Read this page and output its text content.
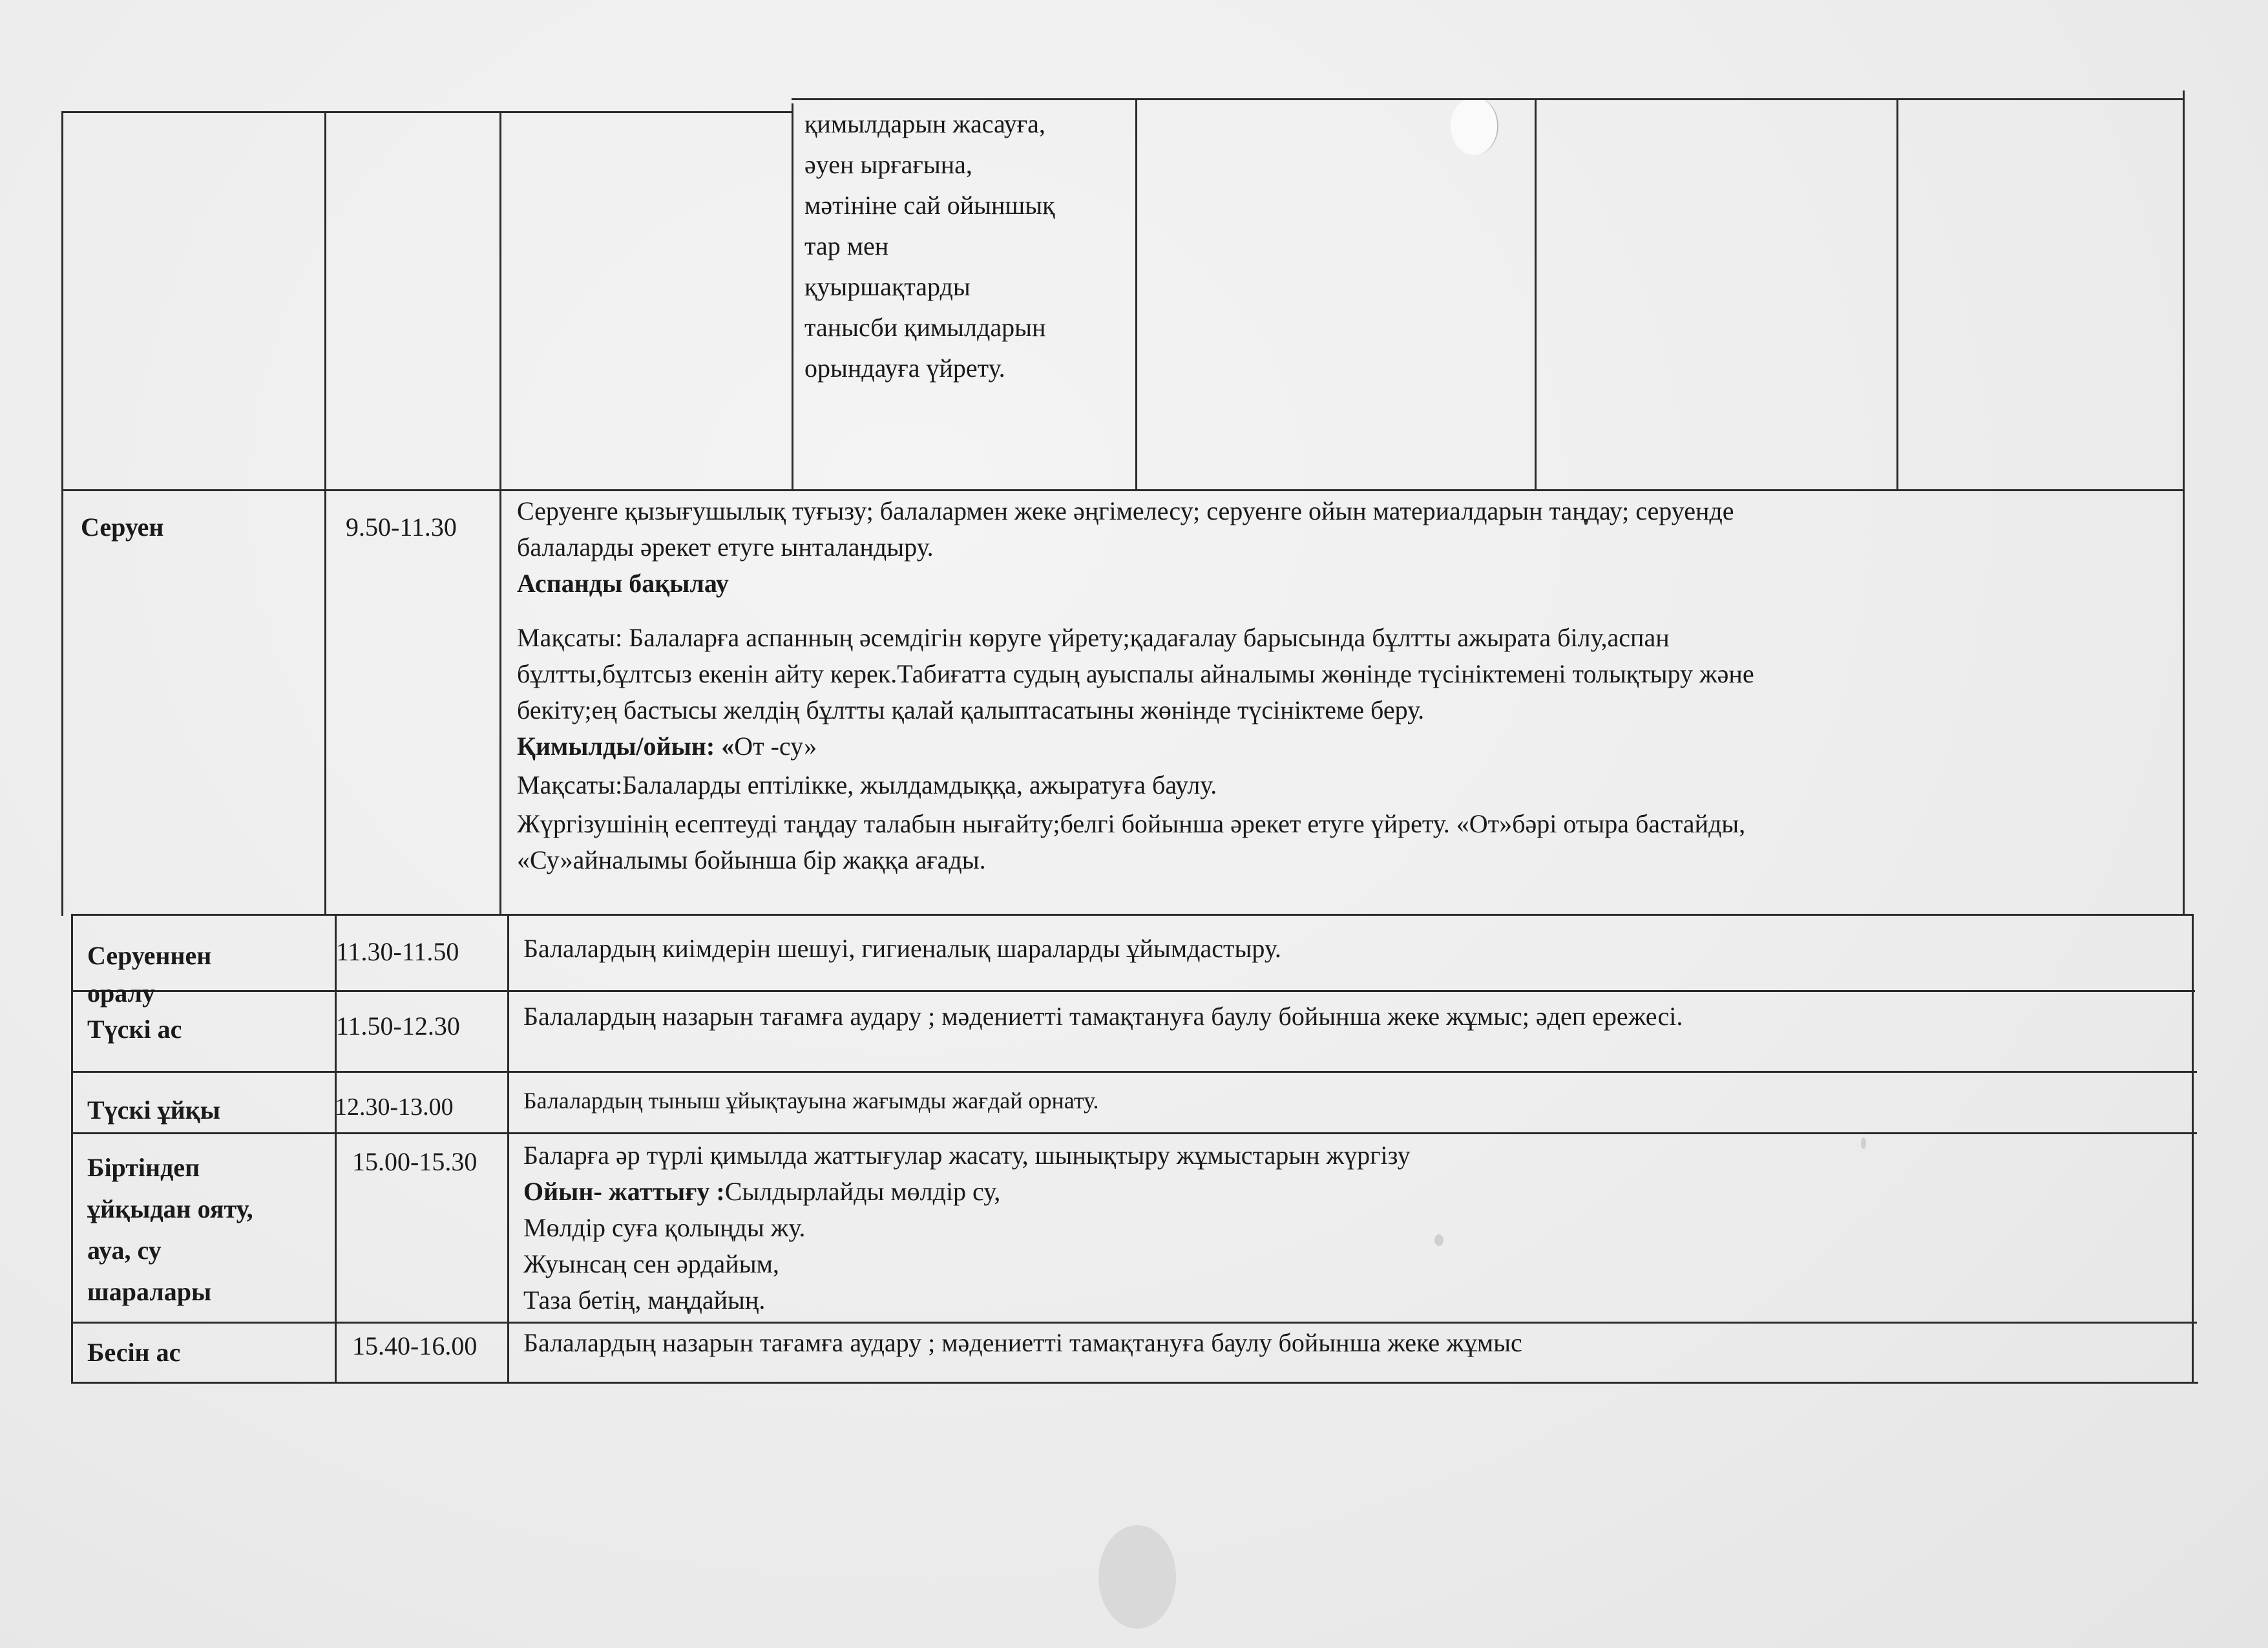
қимылдарын жасауға,
әуен ырғағына,
мәтініне сай ойыншық
тар мен
қуыршақтарды
танысби қимылдарын
орындауға үйрету.
Серуен	9.50-11.30
Серуенге қызығушылық туғызу; балалармен жеке әңгімелесу; серуенге ойын материалдарын таңдау; серуенде
балаларды әрекет етуге ынталандыру.
Аспанды бақылау
Мақсаты: Балаларға аспанның әсемдігін көруге үйрету;қадағалау барысында бұлтты ажырата білу,аспан
бұлтты,бұлтсыз екенін айту керек.Табиғатта судың ауыспалы айналымы жөнінде түсініктемені толықтыру және
бекіту;ең бастысы желдің бұлтты қалай қалыптасатыны жөнінде түсініктеме беру.
Қимылды/ойын: «От -су»
Мақсаты:Балаларды ептілікке, жылдамдыққа, ажыратуға баулу.
Жүргізушінің есептеуді таңдау талабын нығайту;белгі бойынша әрекет етуге үйрету. «От»бәрі отыра бастайды,
«Су»айналымы бойынша бір жаққа ағады.
Серуеннен
оралу
11.30-11.50 Балалардың киімдерін шешуі, гигиеналық шараларды ұйымдастыру.
Түскі ас	11.50-12.30 Балалардың назарын тағамға аудару ; мәдениетті тамақтануға баулу бойынша жеке жұмыс; әдеп ережесі.
Түскі ұйқы	12.30-13.00	Балалардың тыныш ұйықтауына жағымды жағдай орнату.
Біртіндеп
ұйқыдан ояту,
ауа, су
шаралары
15.00-15.30 Баларға әр түрлі қимылда жаттығулар жасату, шынықтыру жұмыстарын жүргізу
Ойын- жаттығу :Сылдырлайды мөлдір су,
Мөлдір суға қолыңды жу.
Жуынсаң сен әрдайым,
Таза бетің, маңдайың.
Бесін ас	15.40-16.00 Балалардың назарын тағамға аудару ; мәдениетті тамақтануға баулу бойынша жеке жұмыс
